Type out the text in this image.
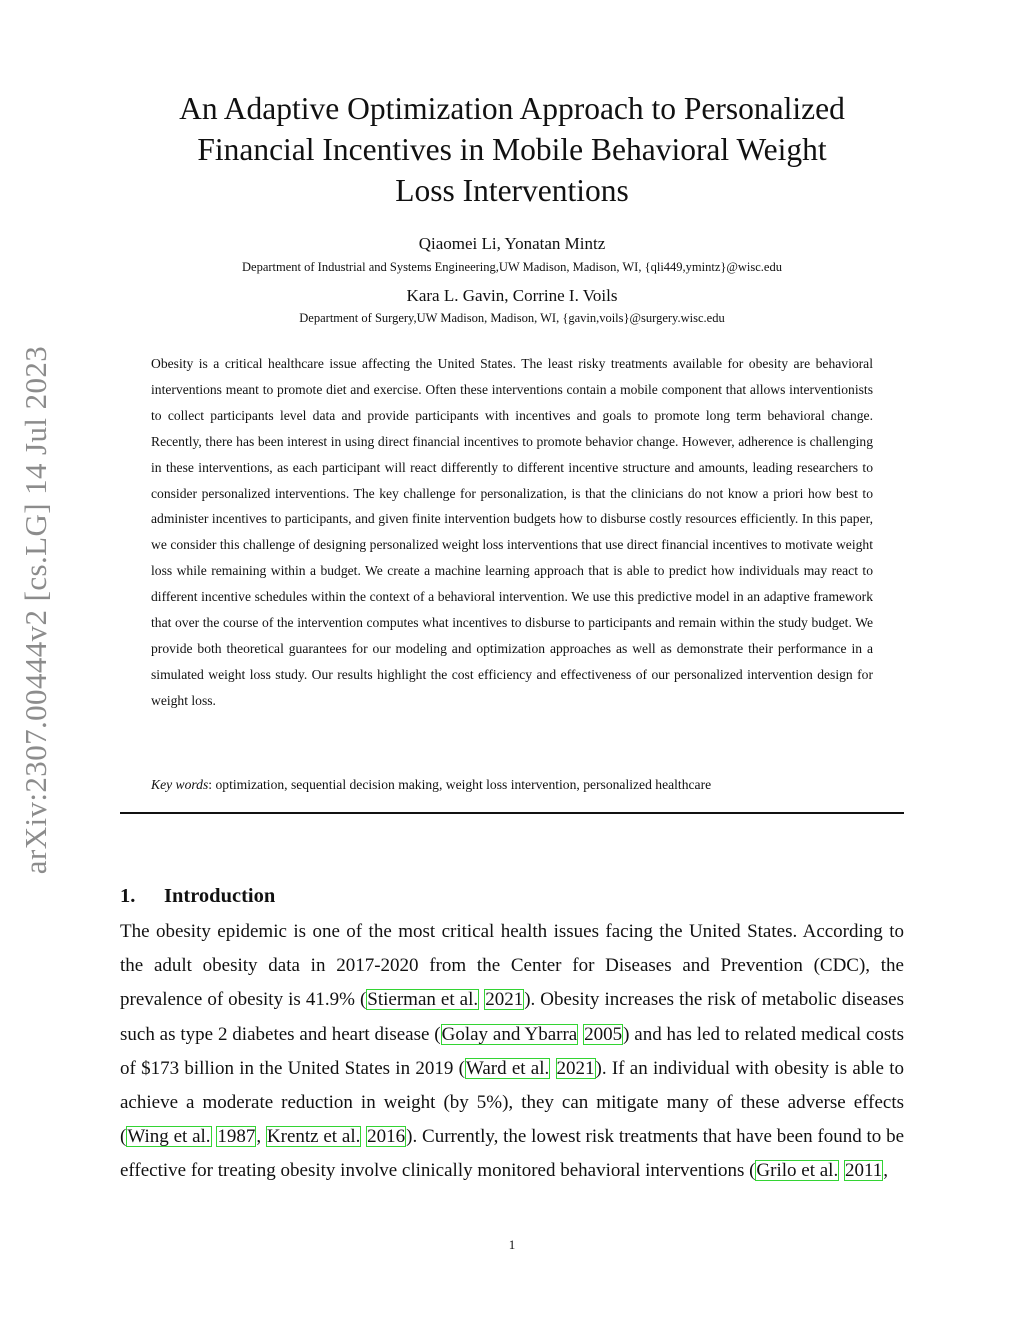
arXiv:2307.00444v2 [cs.LG] 14 Jul 2023
An Adaptive Optimization Approach to Personalized
Financial Incentives in Mobile Behavioral Weight
Loss Interventions
Qiaomei Li, Yonatan Mintz
Department of Industrial and Systems Engineering,UW Madison, Madison, WI, {qli449,ymintz}@wisc.edu
Kara L. Gavin, Corrine I. Voils
Department of Surgery,UW Madison, Madison, WI, {gavin,voils}@surgery.wisc.edu

Obesity is a critical healthcare issue affecting the United States. The least risky treatments available for obesity are behavioral interventions meant to promote diet and exercise. Often these interventions contain a mobile component that allows interventionists to collect participants level data and provide participants with incentives and goals to promote long term behavioral change. Recently, there has been interest in using direct financial incentives to promote behavior change. However, adherence is challenging in these interventions, as each participant will react differently to different incentive structure and amounts, leading researchers to consider personalized interventions. The key challenge for personalization, is that the clinicians do not know a priori how best to administer incentives to participants, and given finite intervention budgets how to disburse costly resources efficiently. In this paper, we consider this challenge of designing personalized weight loss interventions that use direct financial incentives to motivate weight loss while remaining within a budget. We create a machine learning approach that is able to predict how individuals may react to different incentive schedules within the context of a behavioral intervention. We use this predictive model in an adaptive framework that over the course of the intervention computes what incentives to disburse to participants and remain within the study budget. We provide both theoretical guarantees for our modeling and optimization approaches as well as demonstrate their performance in a simulated weight loss study. Our results highlight the cost efficiency and effectiveness of our personalized intervention design for weight loss.

Key words: optimization, sequential decision making, weight loss intervention, personalized healthcare
1. Introduction

The obesity epidemic is one of the most critical health issues facing the United States. According to the adult obesity data in 2017-2020 from the Center for Diseases and Prevention (CDC), the prevalence of obesity is 41.9% (Stierman et al. 2021). Obesity increases the risk of metabolic diseases such as type 2 diabetes and heart disease (Golay and Ybarra 2005) and has led to related medical costs of $173 billion in the United States in 2019 (Ward et al. 2021). If an individual with obesity is able to achieve a moderate reduction in weight (by 5%), they can mitigate many of these adverse effects (Wing et al. 1987, Krentz et al. 2016). Currently, the lowest risk treatments that have been found to be effective for treating obesity involve clinically monitored behavioral interventions (Grilo et al. 2011,

1
